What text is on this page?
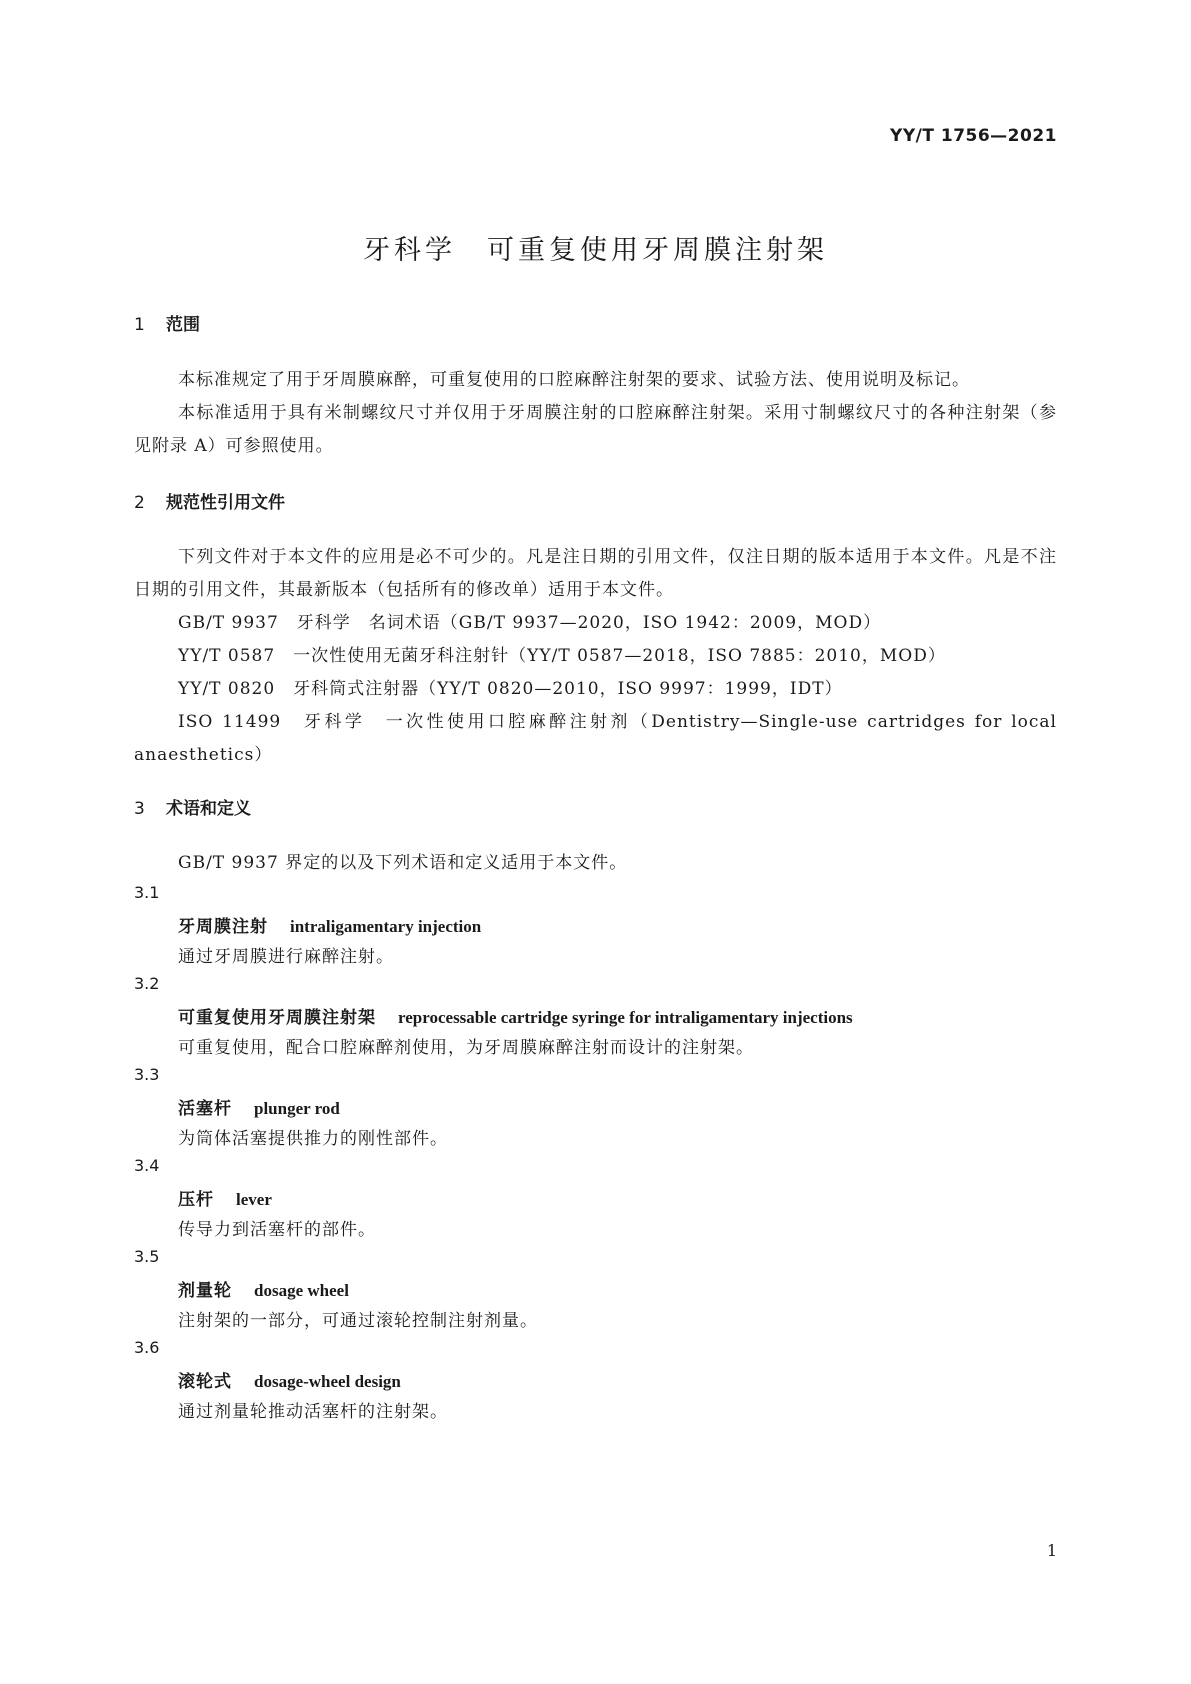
YY/T 1756—2021
牙科学　可重复使用牙周膜注射架
1 范围
本标准规定了用于牙周膜麻醉，可重复使用的口腔麻醉注射架的要求、试验方法、使用说明及标记。
本标准适用于具有米制螺纹尺寸并仅用于牙周膜注射的口腔麻醉注射架。采用寸制螺纹尺寸的各种注射架（参见附录 A）可参照使用。
2 规范性引用文件
下列文件对于本文件的应用是必不可少的。凡是注日期的引用文件，仅注日期的版本适用于本文件。凡是不注日期的引用文件，其最新版本（包括所有的修改单）适用于本文件。
GB/T 9937　牙科学　名词术语（GB/T 9937—2020，ISO 1942：2009，MOD）
YY/T 0587　一次性使用无菌牙科注射针（YY/T 0587—2018，ISO 7885：2010，MOD）
YY/T 0820　牙科筒式注射器（YY/T 0820—2010，ISO 9997：1999，IDT）
ISO 11499　牙科学　一次性使用口腔麻醉注射剂（Dentistry—Single-use cartridges for local anaesthetics）
3 术语和定义
GB/T 9937 界定的以及下列术语和定义适用于本文件。
3.1
牙周膜注射 intraligamentary injection
通过牙周膜进行麻醉注射。
3.2
可重复使用牙周膜注射架 reprocessable cartridge syringe for intraligamentary injections
可重复使用，配合口腔麻醉剂使用，为牙周膜麻醉注射而设计的注射架。
3.3
活塞杆 plunger rod
为筒体活塞提供推力的刚性部件。
3.4
压杆 lever
传导力到活塞杆的部件。
3.5
剂量轮 dosage wheel
注射架的一部分，可通过滚轮控制注射剂量。
3.6
滚轮式 dosage-wheel design
通过剂量轮推动活塞杆的注射架。
1
